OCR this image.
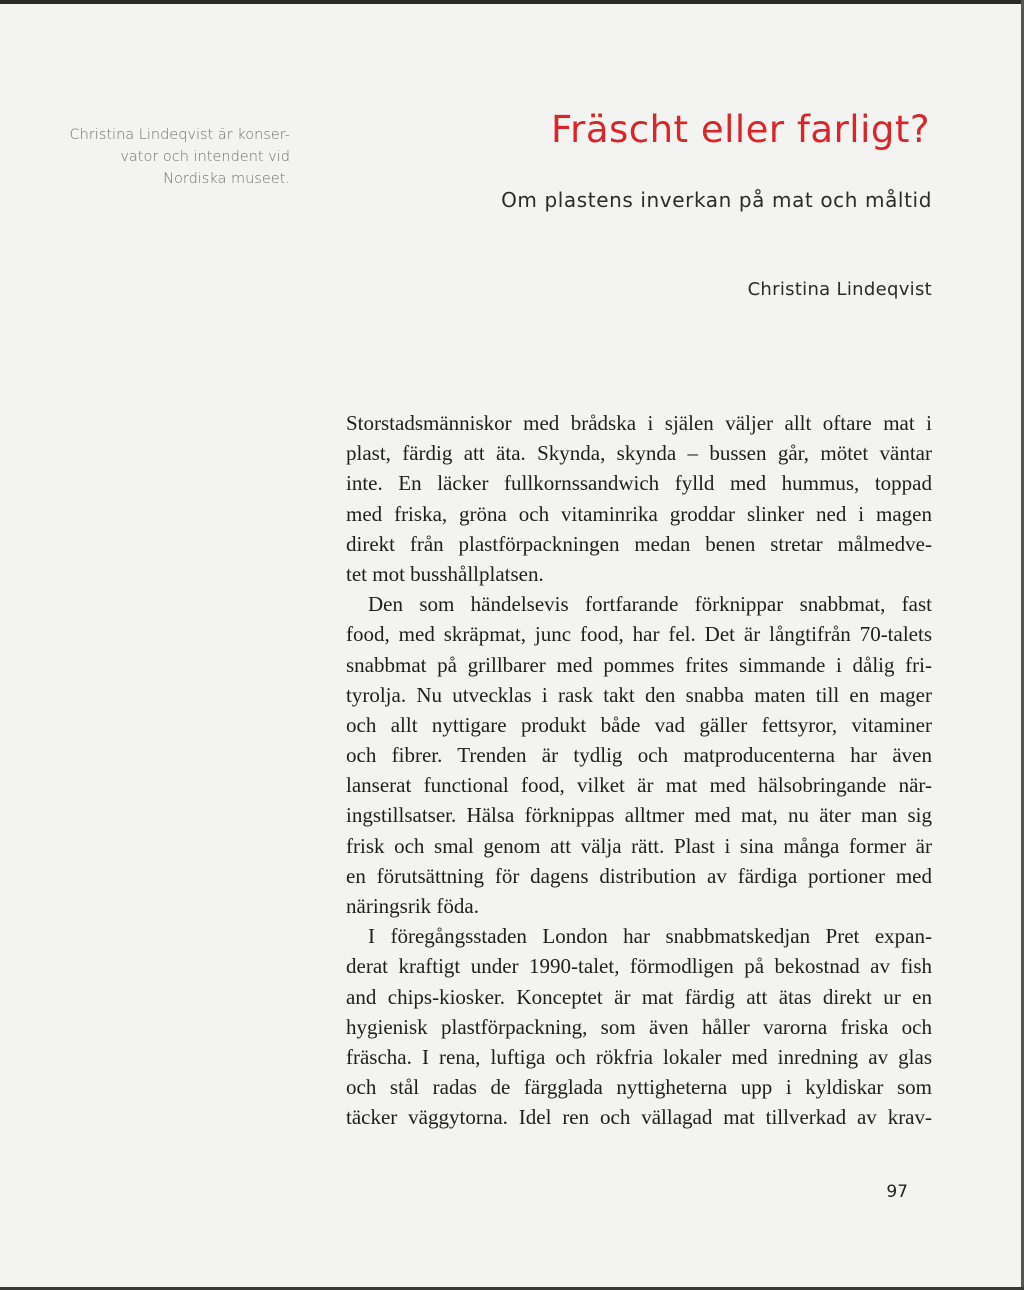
Christina Lindeqvist är konser-
vator och intendent vid
Nordiska museet.
Fräscht eller farligt?
Om plastens inverkan på mat och måltid
Christina Lindeqvist
Storstadsmänniskor med brådska i själen väljer allt oftare mat i
plast, färdig att äta. Skynda, skynda – bussen går, mötet väntar
inte. En läcker fullkornssandwich fylld med hummus, toppad
med friska, gröna och vitaminrika groddar slinker ned i magen
direkt från plastförpackningen medan benen stretar målmedve-
tet mot busshållplatsen.
Den som händelsevis fortfarande förknippar snabbmat, fast
food, med skräpmat, junc food, har fel. Det är långtifrån 70-talets
snabbmat på grillbarer med pommes frites simmande i dålig fri-
tyrolja. Nu utvecklas i rask takt den snabba maten till en mager
och allt nyttigare produkt både vad gäller fettsyror, vitaminer
och fibrer. Trenden är tydlig och matproducenterna har även
lanserat functional food, vilket är mat med hälsobringande när-
ingstillsatser. Hälsa förknippas alltmer med mat, nu äter man sig
frisk och smal genom att välja rätt. Plast i sina många former är
en förutsättning för dagens distribution av färdiga portioner med
näringsrik föda.
I föregångsstaden London har snabbmatskedjan Pret expan-
derat kraftigt under 1990-talet, förmodligen på bekostnad av fish
and chips-kiosker. Konceptet är mat färdig att ätas direkt ur en
hygienisk plastförpackning, som även håller varorna friska och
fräscha. I rena, luftiga och rökfria lokaler med inredning av glas
och stål radas de färgglada nyttigheterna upp i kyldiskar som
täcker väggytorna. Idel ren och vällagad mat tillverkad av krav-
97
